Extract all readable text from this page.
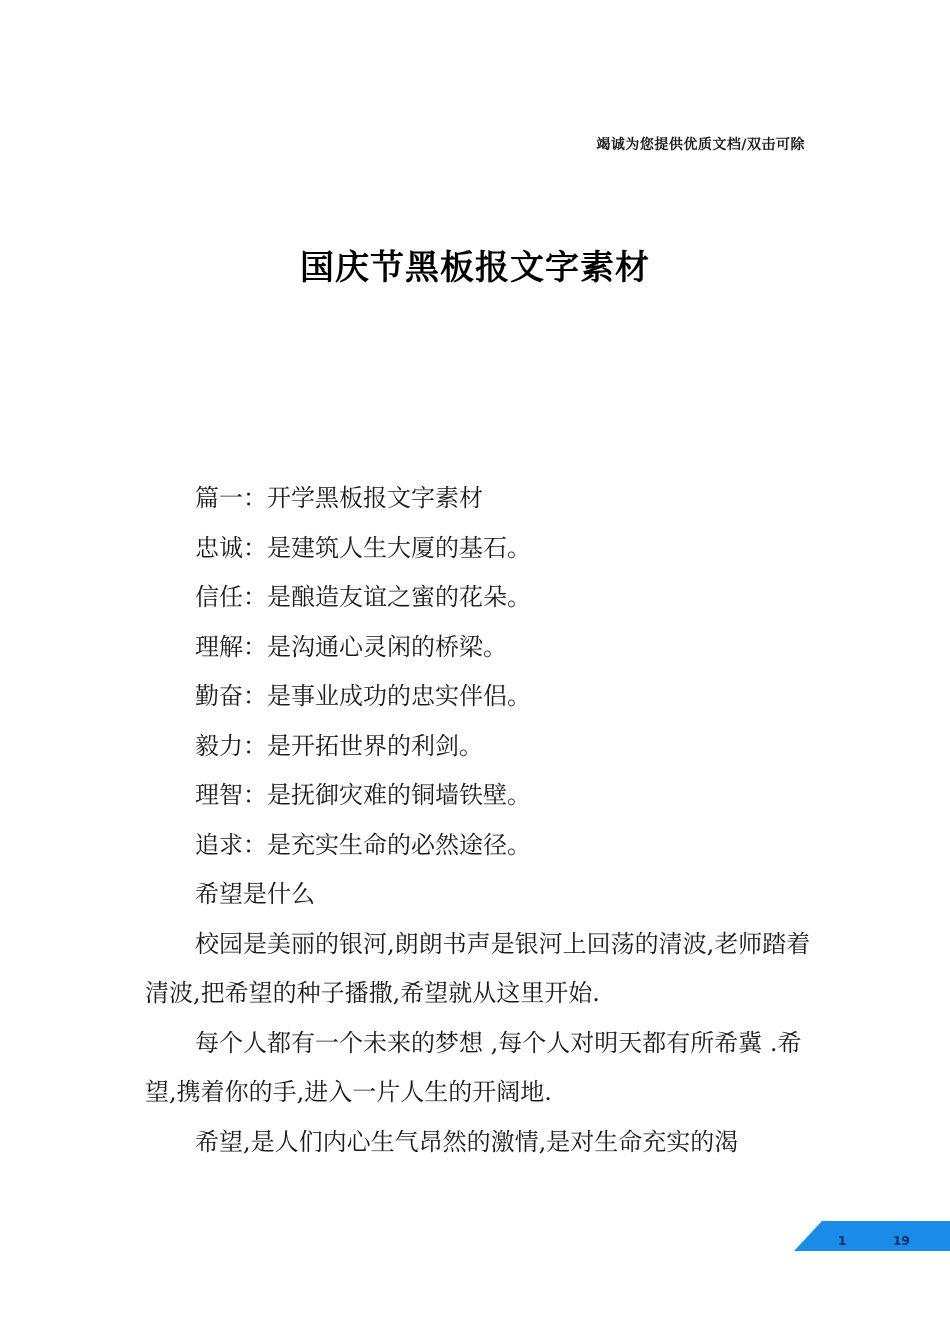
竭诚为您提供优质文档/双击可除
国庆节黑板报文字素材

篇一：开学黑板报文字素材

忠诚：是建筑人生大厦的基石。

信任：是酿造友谊之蜜的花朵。

理解：是沟通心灵闲的桥梁。

勤奋：是事业成功的忠实伴侣。

毅力：是开拓世界的利剑。

理智：是抚御灾难的铜墙铁壁。

追求：是充实生命的必然途径。

希望是什么

校园是美丽的银河,朗朗书声是银河上回荡的清波,老师踏着清波,把希望的种子播撒,希望就从这里开始.

每个人都有一个未来的梦想 ,每个人对明天都有所希冀 .希望,携着你的手,进入一片人生的开阔地.

希望,是人们内心生气昂然的激情,是对生命充实的渴

1	19
